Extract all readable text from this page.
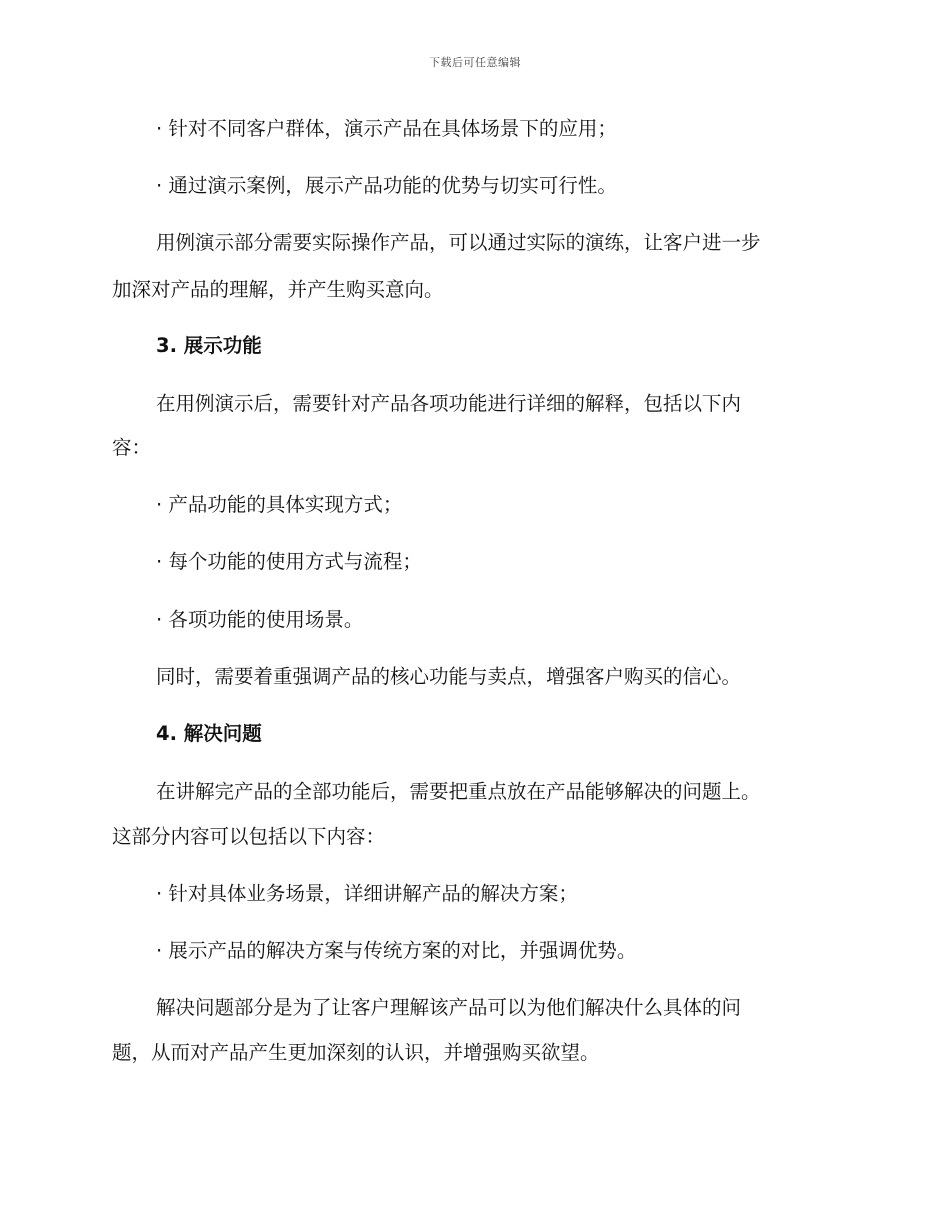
下载后可任意编辑
· 针对不同客户群体，演示产品在具体场景下的应用；
· 通过演示案例，展示产品功能的优势与切实可行性。
用例演示部分需要实际操作产品，可以通过实际的演练，让客户进一步
加深对产品的理解，并产生购买意向。
3. 展示功能
在用例演示后，需要针对产品各项功能进行详细的解释，包括以下内
容：
· 产品功能的具体实现方式；
· 每个功能的使用方式与流程；
· 各项功能的使用场景。
同时，需要着重强调产品的核心功能与卖点，增强客户购买的信心。
4. 解决问题
在讲解完产品的全部功能后，需要把重点放在产品能够解决的问题上。
这部分内容可以包括以下内容：
· 针对具体业务场景，详细讲解产品的解决方案；
· 展示产品的解决方案与传统方案的对比，并强调优势。
解决问题部分是为了让客户理解该产品可以为他们解决什么具体的问
题，从而对产品产生更加深刻的认识，并增强购买欲望。
